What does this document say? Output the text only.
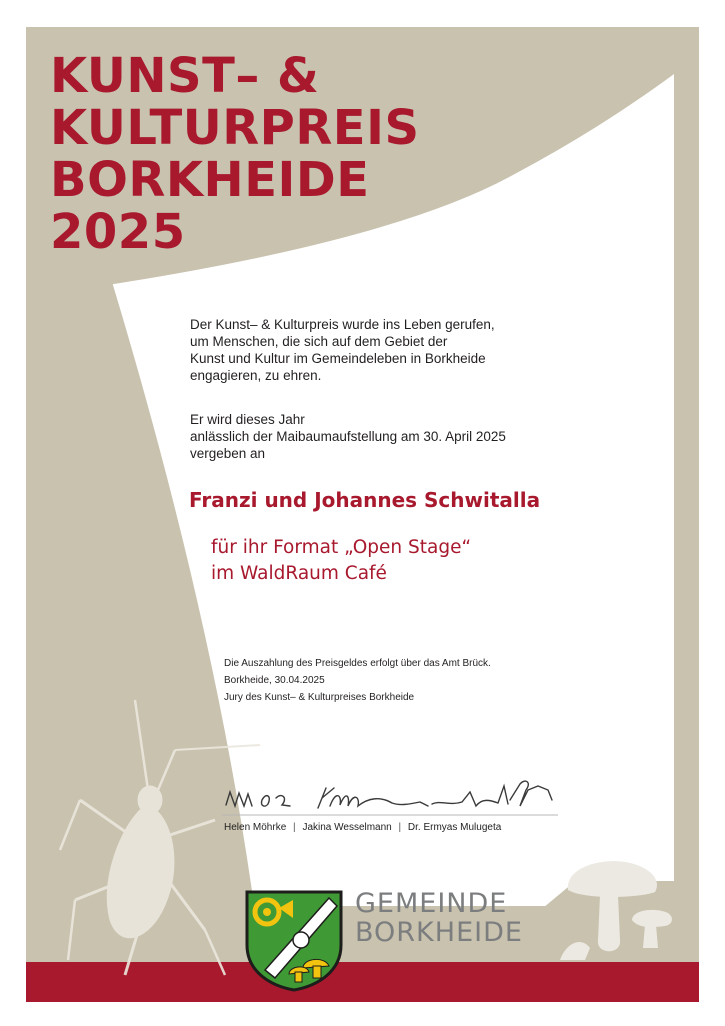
KUNST– &
KULTURPREIS
BORKHEIDE
2025
Der Kunst– & Kulturpreis wurde ins Leben gerufen,
um Menschen, die sich auf dem Gebiet der
Kunst und Kultur im Gemeindeleben in Borkheide
engagieren, zu ehren.
Er wird dieses Jahr
anlässlich der Maibaumaufstellung am 30. April 2025
vergeben an
Franzi und Johannes Schwitalla
für ihr Format „Open Stage“
im WaldRaum Café
Die Auszahlung des Preisgeldes erfolgt über das Amt Brück.
Borkheide, 30.04.2025
Jury des Kunst– & Kulturpreises Borkheide
Helen Möhrke | Jakina Wesselmann | Dr. Ermyas Mulugeta
GEMEINDE
BORKHEIDE
